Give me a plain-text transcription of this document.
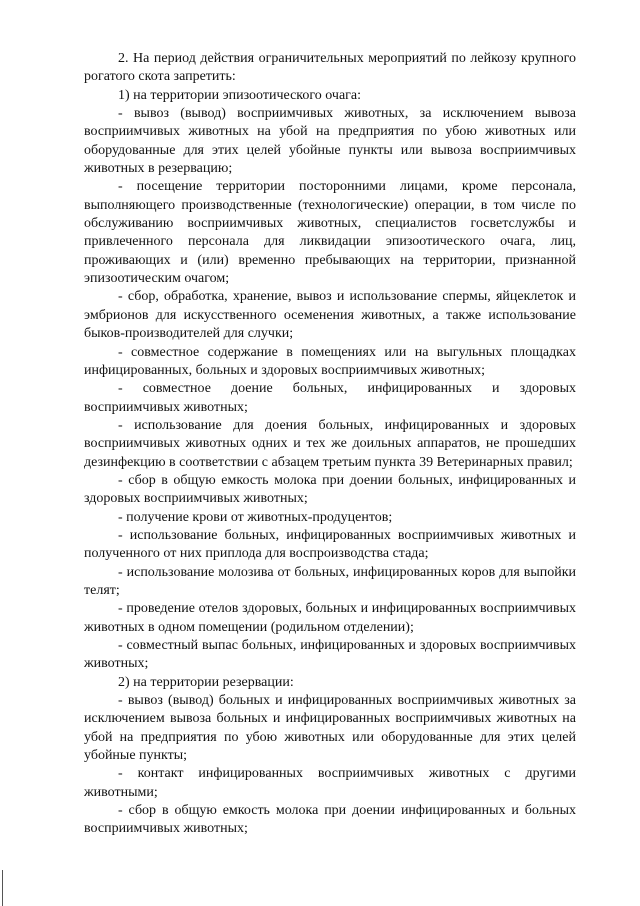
2. На период действия ограничительных мероприятий по лейкозу крупного рогатого скота запретить:

1) на территории эпизоотического очага:

- вывоз (вывод) восприимчивых животных, за исключением вывоза восприимчивых животных на убой на предприятия по убою животных или оборудованные для этих целей убойные пункты или вывоза восприимчивых животных в резервацию;

- посещение территории посторонними лицами, кроме персонала, выполняющего производственные (технологические) операции, в том числе по обслуживанию восприимчивых животных, специалистов госветслужбы и привлеченного персонала для ликвидации эпизоотического очага, лиц, проживающих и (или) временно пребывающих на территории, признанной эпизоотическим очагом;

- сбор, обработка, хранение, вывоз и использование спермы, яйцеклеток и эмбрионов для искусственного осеменения животных, а также использование быков-производителей для случки;

- совместное содержание в помещениях или на выгульных площадках инфицированных, больных и здоровых восприимчивых животных;

- совместное доение больных, инфицированных и здоровых восприимчивых животных;

- использование для доения больных, инфицированных и здоровых восприимчивых животных одних и тех же доильных аппаратов, не прошедших дезинфекцию в соответствии с абзацем третьим пункта 39 Ветеринарных правил;

- сбор в общую емкость молока при доении больных, инфицированных и здоровых восприимчивых животных;

- получение крови от животных-продуцентов;

- использование больных, инфицированных восприимчивых животных и полученного от них приплода для воспроизводства стада;

- использование молозива от больных, инфицированных коров для выпойки телят;

- проведение отелов здоровых, больных и инфицированных восприимчивых животных в одном помещении (родильном отделении);

- совместный выпас больных, инфицированных и здоровых восприимчивых животных;

2) на территории резервации:

- вывоз (вывод) больных и инфицированных восприимчивых животных за исключением вывоза больных и инфицированных восприимчивых животных на убой на предприятия по убою животных или оборудованные для этих целей убойные пункты;

- контакт инфицированных восприимчивых животных с другими животными;

- сбор в общую емкость молока при доении инфицированных и больных восприимчивых животных;
